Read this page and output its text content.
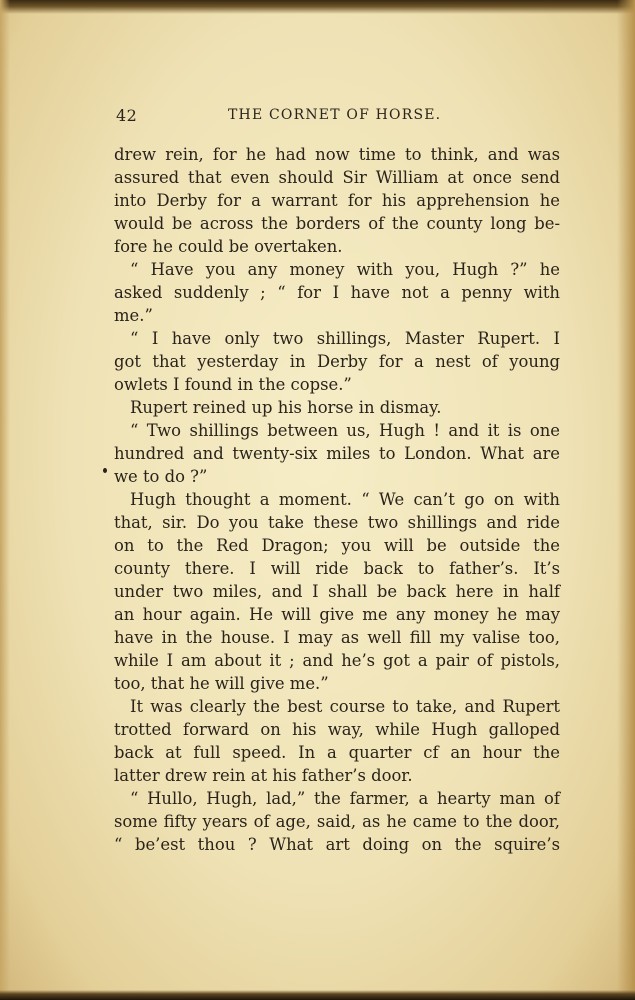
42	THE CORNET OF HORSE.
drew rein, for he had now time to think, and was
assured that even should Sir William at once send
into Derby for a warrant for his apprehension he
would be across the borders of the county long be-
fore he could be overtaken.
“ Have you any money with you, Hugh ?” he
asked suddenly ; “ for I have not a penny with
me.”
“ I have only two shillings, Master Rupert. I
got that yesterday in Derby for a nest of young
owlets I found in the copse.”
Rupert reined up his horse in dismay.
“ Two shillings between us, Hugh ! and it is one
hundred and twenty-six miles to London. What are
we to do ?”
Hugh thought a moment. “ We can’t go on with
that, sir. Do you take these two shillings and ride
on to the Red Dragon; you will be outside the
county there. I will ride back to father’s. It’s
under two miles, and I shall be back here in half
an hour again. He will give me any money he may
have in the house. I may as well fill my valise too,
while I am about it ; and he’s got a pair of pistols,
too, that he will give me.”
It was clearly the best course to take, and Rupert
trotted forward on his way, while Hugh galloped
back at full speed. In a quarter cf an hour the
latter drew rein at his father’s door.
“ Hullo, Hugh, lad,” the farmer, a hearty man of
some fifty years of age, said, as he came to the door,
“ be’est thou ? What art doing on the squire’s
